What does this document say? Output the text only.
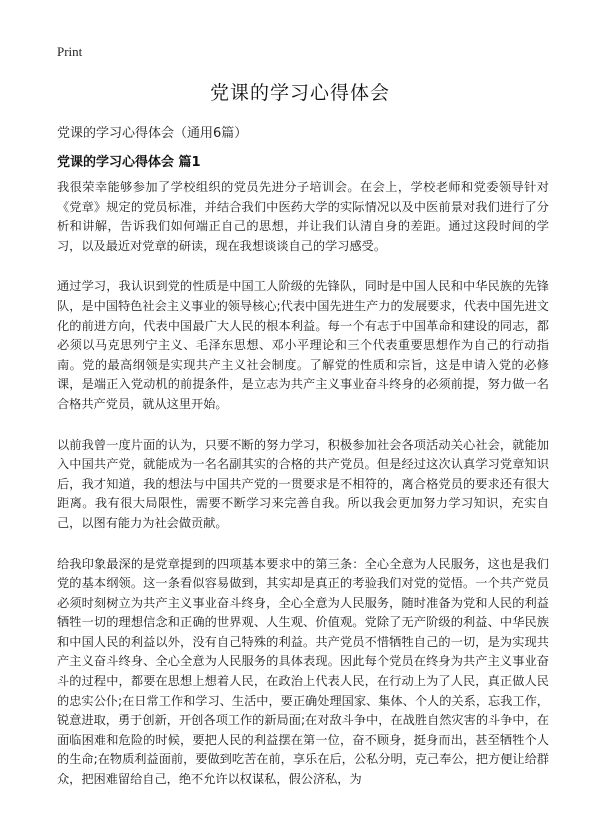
Print
党课的学习心得体会

党课的学习心得体会（通用6篇）

党课的学习心得体会 篇1

我很荣幸能够参加了学校组织的党员先进分子培训会。在会上，学校老师和党委领导针对《党章》规定的党员标准，并结合我们中医药大学的实际情况以及中医前景对我们进行了分析和讲解，告诉我们如何端正自己的思想，并让我们认清自身的差距。通过这段时间的学习，以及最近对党章的研读，现在我想谈谈自己的学习感受。

通过学习，我认识到党的性质是中国工人阶级的先锋队，同时是中国人民和中华民族的先锋队，是中国特色社会主义事业的领导核心;代表中国先进生产力的发展要求，代表中国先进文化的前进方向，代表中国最广大人民的根本利益。每一个有志于中国革命和建设的同志，都必须以马克思列宁主义、毛泽东思想、邓小平理论和三个代表重要思想作为自己的行动指南。党的最高纲领是实现共产主义社会制度。了解党的性质和宗旨，这是申请入党的必修课，是端正入党动机的前提条件，是立志为共产主义事业奋斗终身的必须前提，努力做一名合格共产党员，就从这里开始。

以前我曾一度片面的认为，只要不断的努力学习，积极参加社会各项活动关心社会，就能加入中国共产党，就能成为一名名副其实的合格的共产党员。但是经过这次认真学习党章知识后，我才知道，我的想法与中国共产党的一贯要求是不相符的，离合格党员的要求还有很大距离。我有很大局限性，需要不断学习来完善自我。所以我会更加努力学习知识，充实自己，以图有能力为社会做贡献。

给我印象最深的是党章提到的四项基本要求中的第三条：全心全意为人民服务，这也是我们党的基本纲领。这一条看似容易做到，其实却是真正的考验我们对党的觉悟。一个共产党员必须时刻树立为共产主义事业奋斗终身，全心全意为人民服务，随时准备为党和人民的利益牺牲一切的理想信念和正确的世界观、人生观、价值观。党除了无产阶级的利益、中华民族和中国人民的利益以外，没有自己特殊的利益。共产党员不惜牺牲自己的一切，是为实现共产主义奋斗终身、全心全意为人民服务的具体表现。因此每个党员在终身为共产主义事业奋斗的过程中，都要在思想上想着人民，在政治上代表人民，在行动上为了人民，真正做人民的忠实公仆;在日常工作和学习、生活中，要正确处理国家、集体、个人的关系，忘我工作，锐意进取，勇于创新，开创各项工作的新局面;在对敌斗争中，在战胜自然灾害的斗争中，在面临困难和危险的时候，要把人民的利益摆在第一位，奋不顾身，挺身而出，甚至牺牲个人的生命;在物质利益面前，要做到吃苦在前，享乐在后，公私分明，克己奉公，把方便让给群众，把困难留给自己，绝不允许以权谋私，假公济私，为
